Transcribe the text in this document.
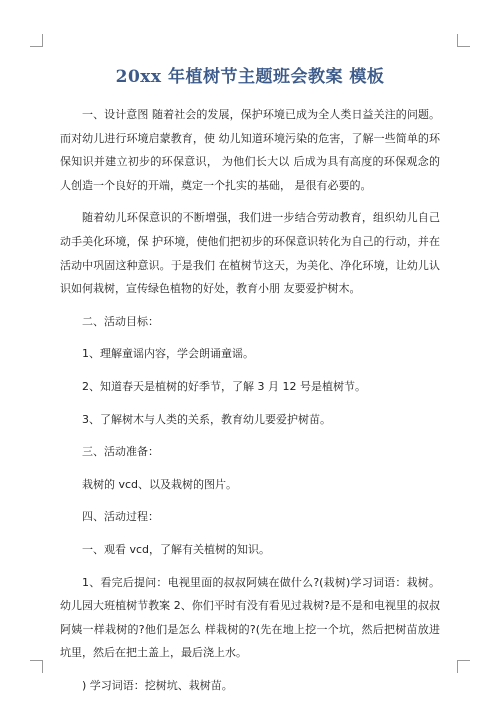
20xx 年植树节主题班会教案 模板

一、设计意图 随着社会的发展，保护环境已成为全人类日益关注的问题。而对幼儿进行环境启蒙教育，使 幼儿知道环境污染的危害，了解一些简单的环保知识并建立初步的环保意识， 为他们长大以 后成为具有高度的环保观念的人创造一个良好的开端，奠定一个扎实的基础， 是很有必要的。

随着幼儿环保意识的不断增强，我们进一步结合劳动教育，组织幼儿自己动手美化环境，保 护环境，使他们把初步的环保意识转化为自己的行动，并在活动中巩固这种意识。于是我们 在植树节这天，为美化、净化环境，让幼儿认识如何栽树，宣传绿色植物的好处，教育小朋 友要爱护树木。

二、活动目标：

1、理解童谣内容，学会朗诵童谣。

2、知道春天是植树的好季节，了解 3 月 12 号是植树节。

3、了解树木与人类的关系，教育幼儿要爱护树苗。

三、活动准备：

栽树的 vcd、以及栽树的图片。

四、活动过程：

一、观看 vcd，了解有关植树的知识。

1、看完后提问：电视里面的叔叔阿姨在做什么?(栽树)学习词语：栽树。幼儿园大班植树节教案 2、你们平时有没有看见过栽树?是不是和电视里的叔叔阿姨一样栽树的?他们是怎么 样栽树的?(先在地上挖一个坑，然后把树苗放进坑里，然后在把土盖上，最后浇上水。

) 学习词语：挖树坑、栽树苗。
